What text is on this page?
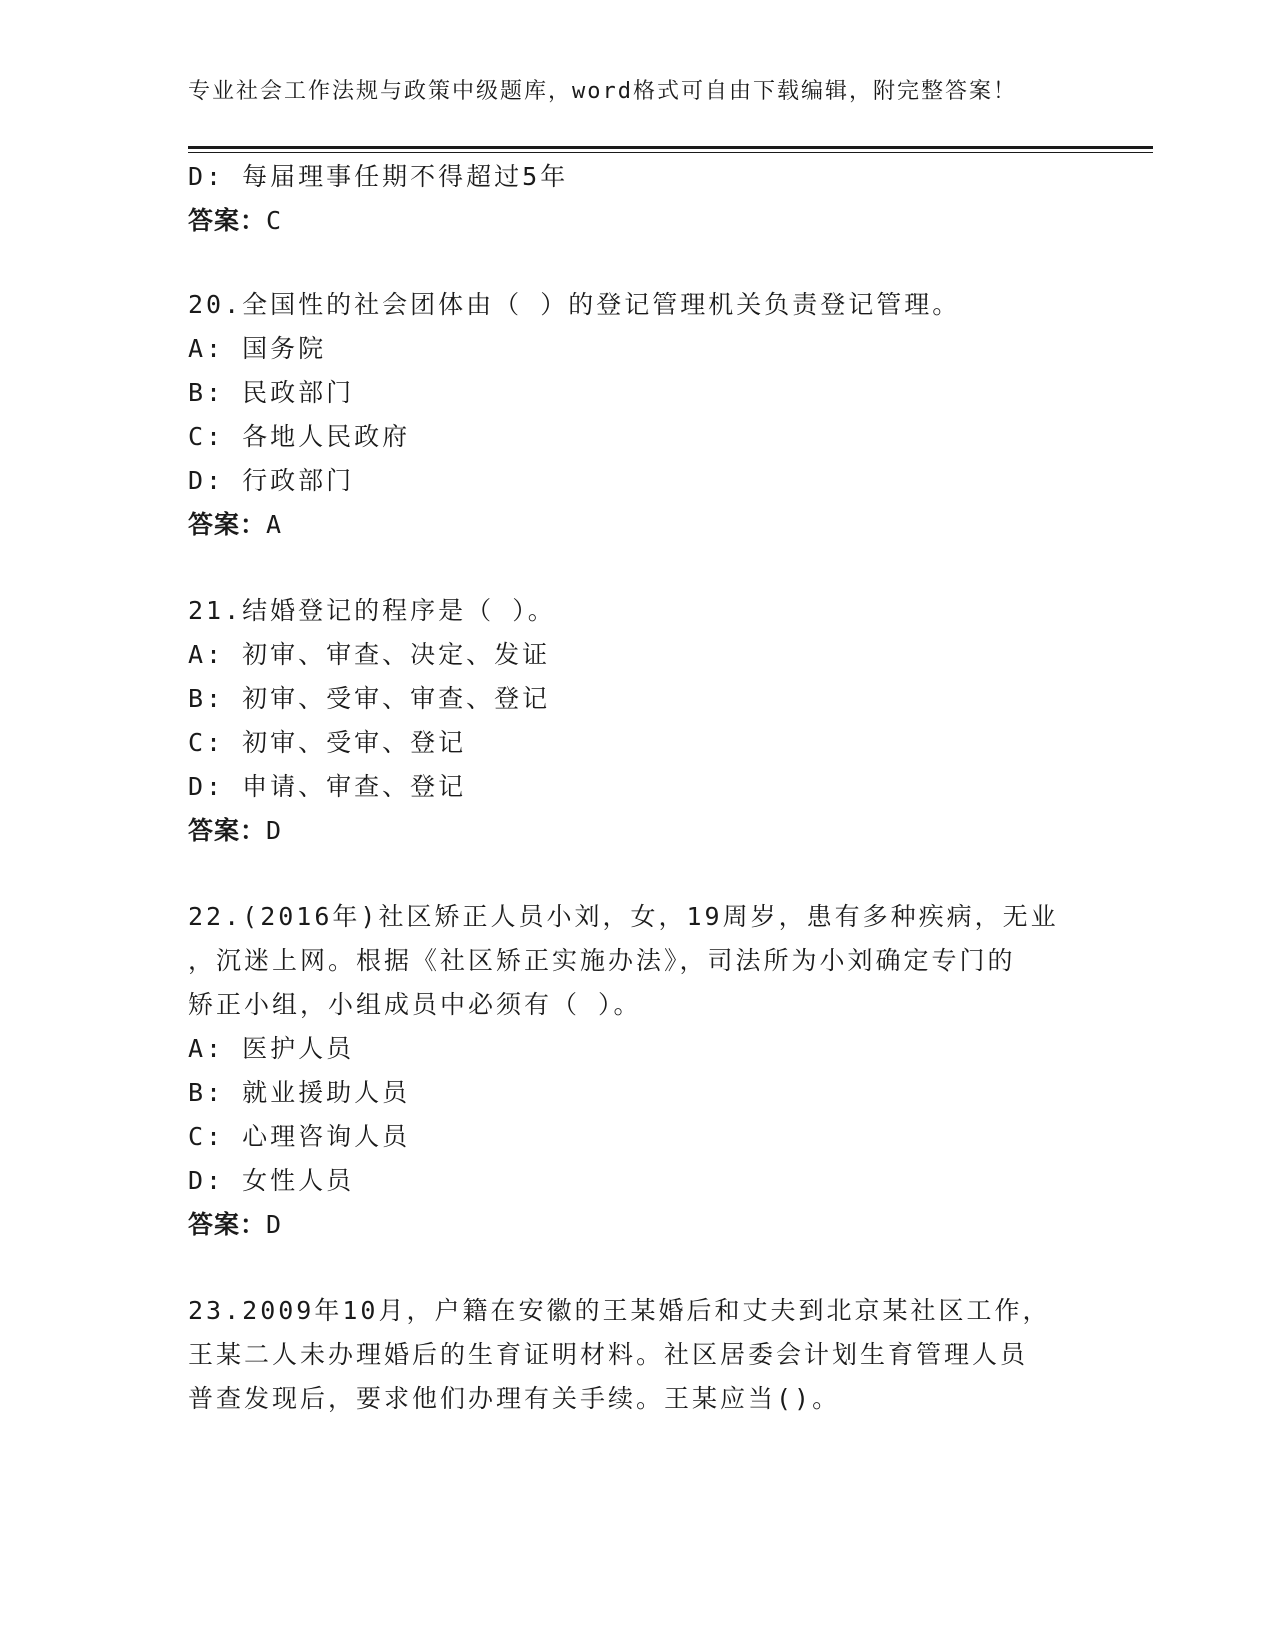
专业社会工作法规与政策中级题库，word格式可自由下载编辑，附完整答案！
D: 每届理事任期不得超过5年
答案：C
20.全国性的社会团体由（ ）的登记管理机关负责登记管理。
A: 国务院
B: 民政部门
C: 各地人民政府
D: 行政部门
答案：A
21.结婚登记的程序是（ ）。
A: 初审、审查、决定、发证
B: 初审、受审、审查、登记
C: 初审、受审、登记
D: 申请、审查、登记
答案：D
22.(2016年)社区矫正人员小刘，女，19周岁，患有多种疾病，无业
，沉迷上网。根据《社区矫正实施办法》，司法所为小刘确定专门的
矫正小组，小组成员中必须有（ ）。
A: 医护人员
B: 就业援助人员
C: 心理咨询人员
D: 女性人员
答案：D
23.2009年10月，户籍在安徽的王某婚后和丈夫到北京某社区工作，
王某二人未办理婚后的生育证明材料。社区居委会计划生育管理人员
普查发现后，要求他们办理有关手续。王某应当()。
